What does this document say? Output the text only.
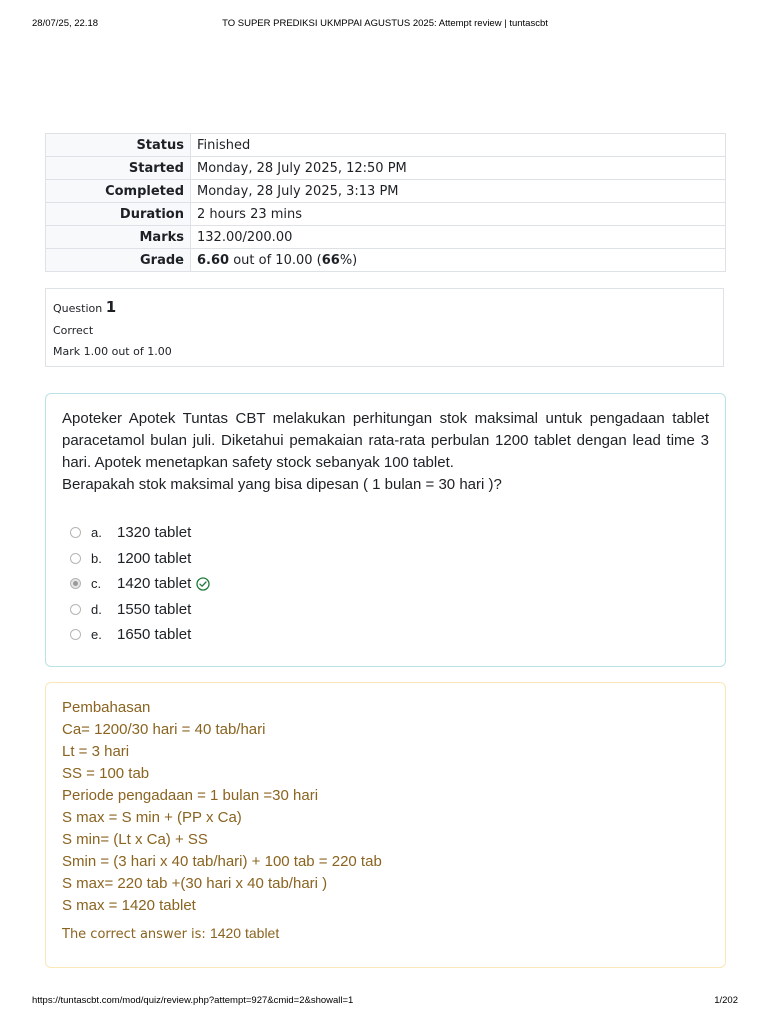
28/07/25, 22.18	TO SUPER PREDIKSI UKMPPAI AGUSTUS 2025: Attempt review | tuntascbt
Status	Finished
Started	Monday, 28 July 2025, 12:50 PM
Completed	Monday, 28 July 2025, 3:13 PM
Duration	2 hours 23 mins
Marks	132.00/200.00
Grade	6.60 out of 10.00 (66%)
Question 1
Correct
Mark 1.00 out of 1.00

Apoteker Apotek Tuntas CBT melakukan perhitungan stok maksimal untuk pengadaan tablet paracetamol bulan juli. Diketahui pemakaian rata-rata perbulan 1200 tablet dengan lead time 3 hari. Apotek menetapkan safety stock sebanyak 100 tablet.

Berapakah stok maksimal yang bisa dipesan ( 1 bulan = 30 hari )?

a.	1320 tablet
b.	1200 tablet
c.	1420 tablet
d.	1550 tablet
e.	1650 tablet
Pembahasan
Ca= 1200/30 hari = 40 tab/hari
Lt = 3 hari
SS = 100 tab
Periode pengadaan = 1 bulan =30 hari
S max = S min + (PP x Ca)
S min= (Lt x Ca) + SS
Smin = (3 hari x 40 tab/hari) + 100 tab = 220 tab
S max= 220 tab +(30 hari x 40 tab/hari )
S max = 1420 tablet
The correct answer is: 1420 tablet
https://tuntascbt.com/mod/quiz/review.php?attempt=927&cmid=2&showall=1	1/202
